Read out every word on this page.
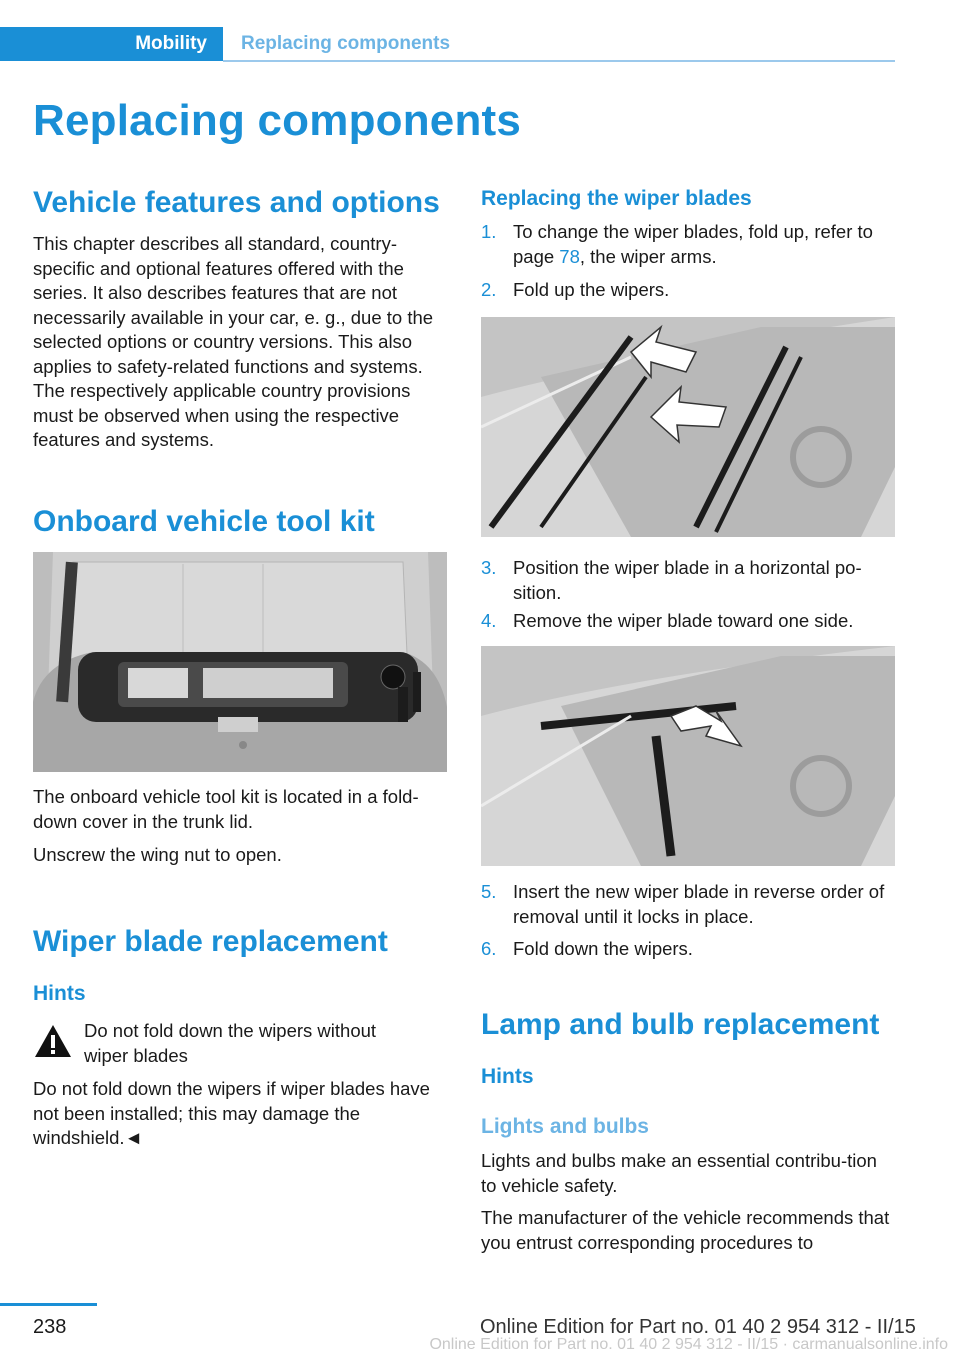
Mobility	Replacing components
Replacing components
Vehicle features and options

This chapter describes all standard, country-specific and optional features offered with the series. It also describes features that are not necessarily available in your car, e. g., due to the selected options or country versions. This also applies to safety-related functions and systems. The respectively applicable country provisions must be observed when using the respective features and systems.

Onboard vehicle tool kit

The onboard vehicle tool kit is located in a fold-down cover in the trunk lid.

Unscrew the wing nut to open.

Wiper blade replacement
Hints

Do not fold down the wipers without wiper blades

Do not fold down the wipers if wiper blades have not been installed; this may damage the windshield.◄

Replacing the wiper blades
1. To change the wiper blades, fold up, refer to page 78, the wiper arms.
2. Fold up the wipers.
3. Position the wiper blade in a horizontal po-sition.
4. Remove the wiper blade toward one side.
5. Insert the new wiper blade in reverse order of removal until it locks in place.
6. Fold down the wipers.
Lamp and bulb replacement
Hints
Lights and bulbs

Lights and bulbs make an essential contribu-tion to vehicle safety.

The manufacturer of the vehicle recommends that you entrust corresponding procedures to

238	Online Edition for Part no. 01 40 2 954 312 - II/15
Online Edition for Part no. 01 40 2 954 312 - II/15 · carmanualsonline.info
